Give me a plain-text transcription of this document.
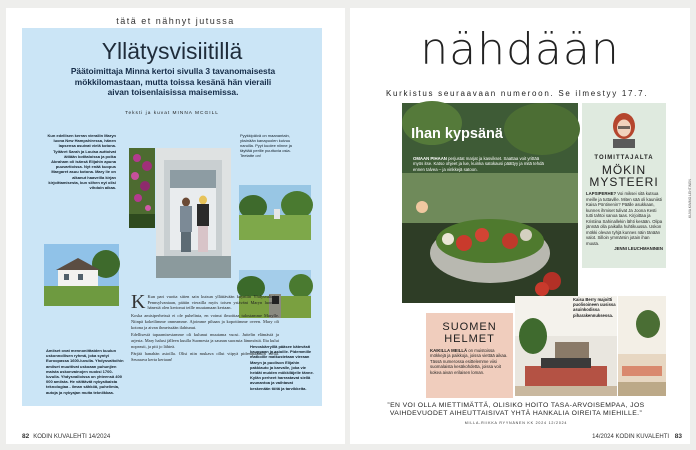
tätä et nähnyt jutussa
Yllätysvisiitillä
Päätoimittaja Minna kertoi sivulla 3 tavanomaisesta mökkilomastaan, mutta toissa kesänä hän vieraili aivan toisenlaisissa maisemissa.
Teksti ja kuvat MINNA MCGILL
Kun edellisen kerran vierailin Maryn luona New Hampshiressa, hänen lapsensa asuivat vielä kotona. Tyttäret Sarah ja Louisa auttoivat äitiään kotitaloissa ja poika Abraham oli isänsä Elijahin apuna puuvartioissa. Nyt enää kuopus Margaret asuu kotona. Mary lie on alkanut haaveilla kirjan kirjoittamisesta, kun siihen nyt olisi vihdoin aikaa.
Pyykkipäivä on maanantain, yksinään kanapuolen kuivuu naruilla. Pyyt kuolee niinne ja täyttää perille puuttuvia osia. Teetatte on!
Amiiset ovat mennoniittaiden kuulun uskonnollisen ryhmä, joka syntyi Euroopassa 1600-luvulla. Yhdysvaltoihin amiiset muuttivat uskoaan puhunjien maista uskonvainojen vuoksi 1700-luvulla. Yhdysvalloissa on yhteensä 400 000 amiista. He välttävät nykyaikaista teknologiaa - ilman sähköä, puhelimia, autoja ja nykyajan muita tekniikkaa.

K Kun pari vuotta sitten sain kutsun yllättävään käyntiin Yhdysvaltojen Pennsylvaniaan, päätin vierailla myös toisen ystäväni Maryn luona – hänestä olen kertonut teille muutamaan kertaan.

Koska amisiperheissä ei ole puhelinta, en voinut ilmoittaa tulostamme Marylle. Niinpä kokeilimme onneamme. Ajoimme pihaan ja kopottimme oveen. Mary oli kotona ja aivan ihmeissään ilahtunut.

Edellisestä tapaamisestamme oli kulunut muutama vuosi. Juttelin elämästä ja arjesta. Mary halusi jälleen kuulla Suomesta ja saunan suorasta lämmöstä. Ilta kului nopeasti, ja piti jo lähteä.

Pärjää hanahän asioilla. Olisi niin mukava ollut viipyä pidempäänkin siellä. Seuraava kerta kertaan!

Hevoskärryillä pääsee kätevästi kauppaan ja asioille. Pidemmille matkoille matkustetaan vieraan Maryn ja puolison Elijahin pakkiauto ja karvalle, joka vie heidät muiden mökkiläjelle tänne. Kylän perheet harrastavat siellä avunantoa ja vaihtavat keskenään töitä ja tarvikkeita.
82 KODIN KUVALEHTI 14/2024
nähdään
Kurkistus seuraavaan numeroon. Se ilmestyy 17.7.
Ihan kypsänä
OMAAN PIHAAN perjustat marjat ja kasvikset. Saattaa voit yrittää myös itse. Katso ohjeet ja lue, kuinka satokausi päättyy ja mitä tehdä ennen talvea – ja vinkkejä satoon.
TOIMITTAJALTA
MÖKIN MYSTEERI
LAPSIPERHE? Voi miksei sitä kutsua meille ja tuttaville. Miten sää oli kauniisti Kaisa Pöntinenin? Päälle asukkaan, kunnes ihmiset tulivat Ja Joona Kesti tutti tahtoi sanoa taas. Kirjoittaa ja Kristiina Sahinallekin lähti kesään. Olipa jännää olla paikalla huhtikuussa. Uskon mökki olevan tyhjä kunnes näin tänään valot. Silloin ymmärsin jotain ihan muuta.
JENNI LEUCHMANINEN
KUVA KIMMO LEHTINEN
Kaisa Berry majoitti puolisoineen uusissa asuinkodissa piharakennuksessa.
SUOMEN HELMET
KAIKILLA MEILLÄ on muistoissa mökkejä ja paikkoja, joissa viettää aikaa. Tässä numerossa esittelemme viisi suomalaista kesäkohdetta, joissa voit kokea aivan erilaisen loman.
”EN VOI OLLA MIETTIMÄTTÄ, OLISIKO HOITO TASA-ARVOISEMPAA, JOS VAIHDEVUODET AIHEUTTAISIVAT YHTÄ HANKALIA OIREITA MIEHILLE.”
MILLA-RIIKKA RYYNÄNEN KK 2024 12/2024
14/2024 KODIN KUVALEHTI 83
